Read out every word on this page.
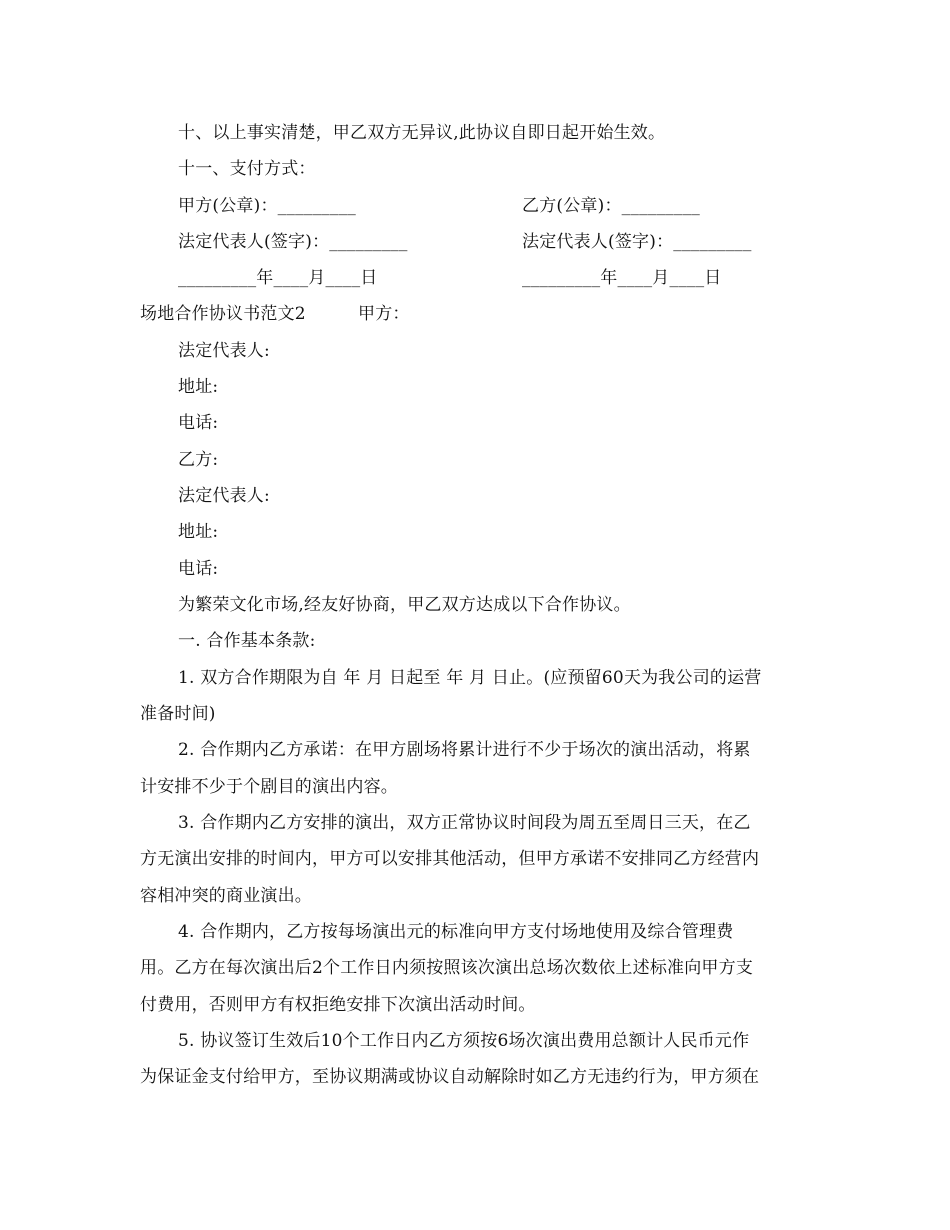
十、以上事实清楚，甲乙双方无异议,此协议自即日起开始生效。
十一、支付方式：
甲方(公章)：_________	乙方(公章)：_________
法定代表人(签字)：_________	法定代表人(签字)：_________
_________年____月____日	_________年____月____日
场地合作协议书范文2	甲方：
法定代表人:
地址:
电话:
乙方:
法定代表人:
地址:
电话:
为繁荣文化市场,经友好协商，甲乙双方达成以下合作协议。
一. 合作基本条款:
1. 双方合作期限为自 年 月 日起至 年 月 日止。(应预留60天为我公司的运营
准备时间)
2. 合作期内乙方承诺：在甲方剧场将累计进行不少于场次的演出活动，将累
计安排不少于个剧目的演出内容。
3. 合作期内乙方安排的演出，双方正常协议时间段为周五至周日三天，在乙
方无演出安排的时间内，甲方可以安排其他活动，但甲方承诺不安排同乙方经营内
容相冲突的商业演出。
4. 合作期内，乙方按每场演出元的标准向甲方支付场地使用及综合管理费
用。乙方在每次演出后2个工作日内须按照该次演出总场次数依上述标准向甲方支
付费用，否则甲方有权拒绝安排下次演出活动时间。
5. 协议签订生效后10个工作日内乙方须按6场次演出费用总额计人民币元作
为保证金支付给甲方，至协议期满或协议自动解除时如乙方无违约行为，甲方须在
